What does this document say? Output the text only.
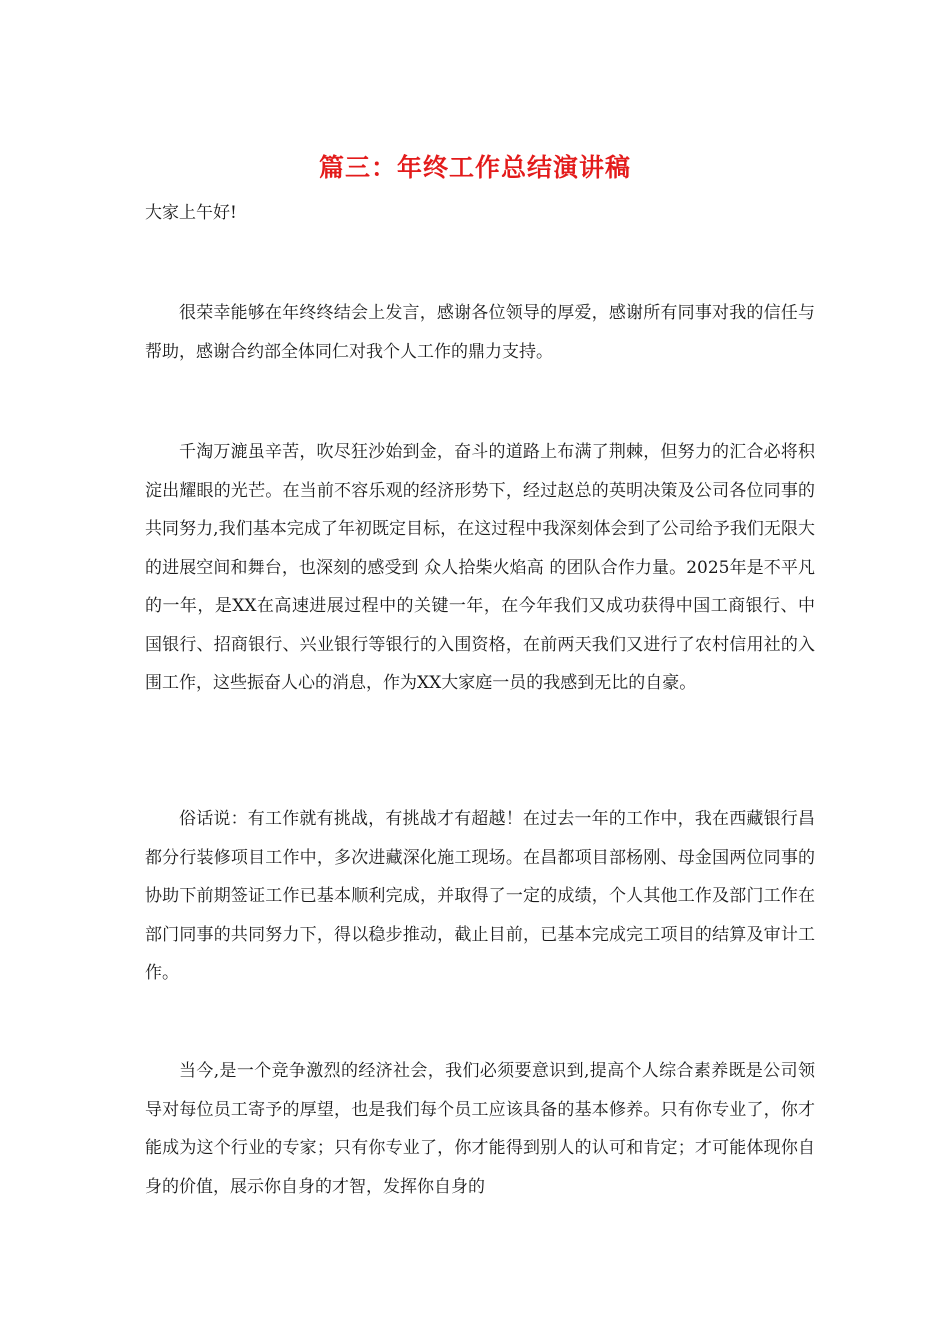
篇三：年终工作总结演讲稿
大家上午好!

很荣幸能够在年终终结会上发言，感谢各位领导的厚爱，感谢所有同事对我的信任与帮助，感谢合约部全体同仁对我个人工作的鼎力支持。

千淘万漉虽辛苦，吹尽狂沙始到金，奋斗的道路上布满了荆棘，但努力的汇合必将积淀出耀眼的光芒。在当前不容乐观的经济形势下，经过赵总的英明决策及公司各位同事的共同努力,我们基本完成了年初既定目标，在这过程中我深刻体会到了公司给予我们无限大的进展空间和舞台，也深刻的感受到 众人拾柴火焰高 的团队合作力量。2025年是不平凡的一年，是XX在高速进展过程中的关键一年，在今年我们又成功获得中国工商银行、中国银行、招商银行、兴业银行等银行的入围资格，在前两天我们又进行了农村信用社的入围工作，这些振奋人心的消息，作为XX大家庭一员的我感到无比的自豪。

俗话说：有工作就有挑战，有挑战才有超越！在过去一年的工作中，我在西藏银行昌都分行装修项目工作中，多次进藏深化施工现场。在昌都项目部杨刚、母金国两位同事的协助下前期签证工作已基本顺利完成，并取得了一定的成绩，个人其他工作及部门工作在部门同事的共同努力下，得以稳步推动，截止目前，已基本完成完工项目的结算及审计工作。

当今,是一个竞争激烈的经济社会，我们必须要意识到,提高个人综合素养既是公司领导对每位员工寄予的厚望，也是我们每个员工应该具备的基本修养。只有你专业了，你才能成为这个行业的专家；只有你专业了，你才能得到别人的认可和肯定；才可能体现你自身的价值，展示你自身的才智，发挥你自身的
